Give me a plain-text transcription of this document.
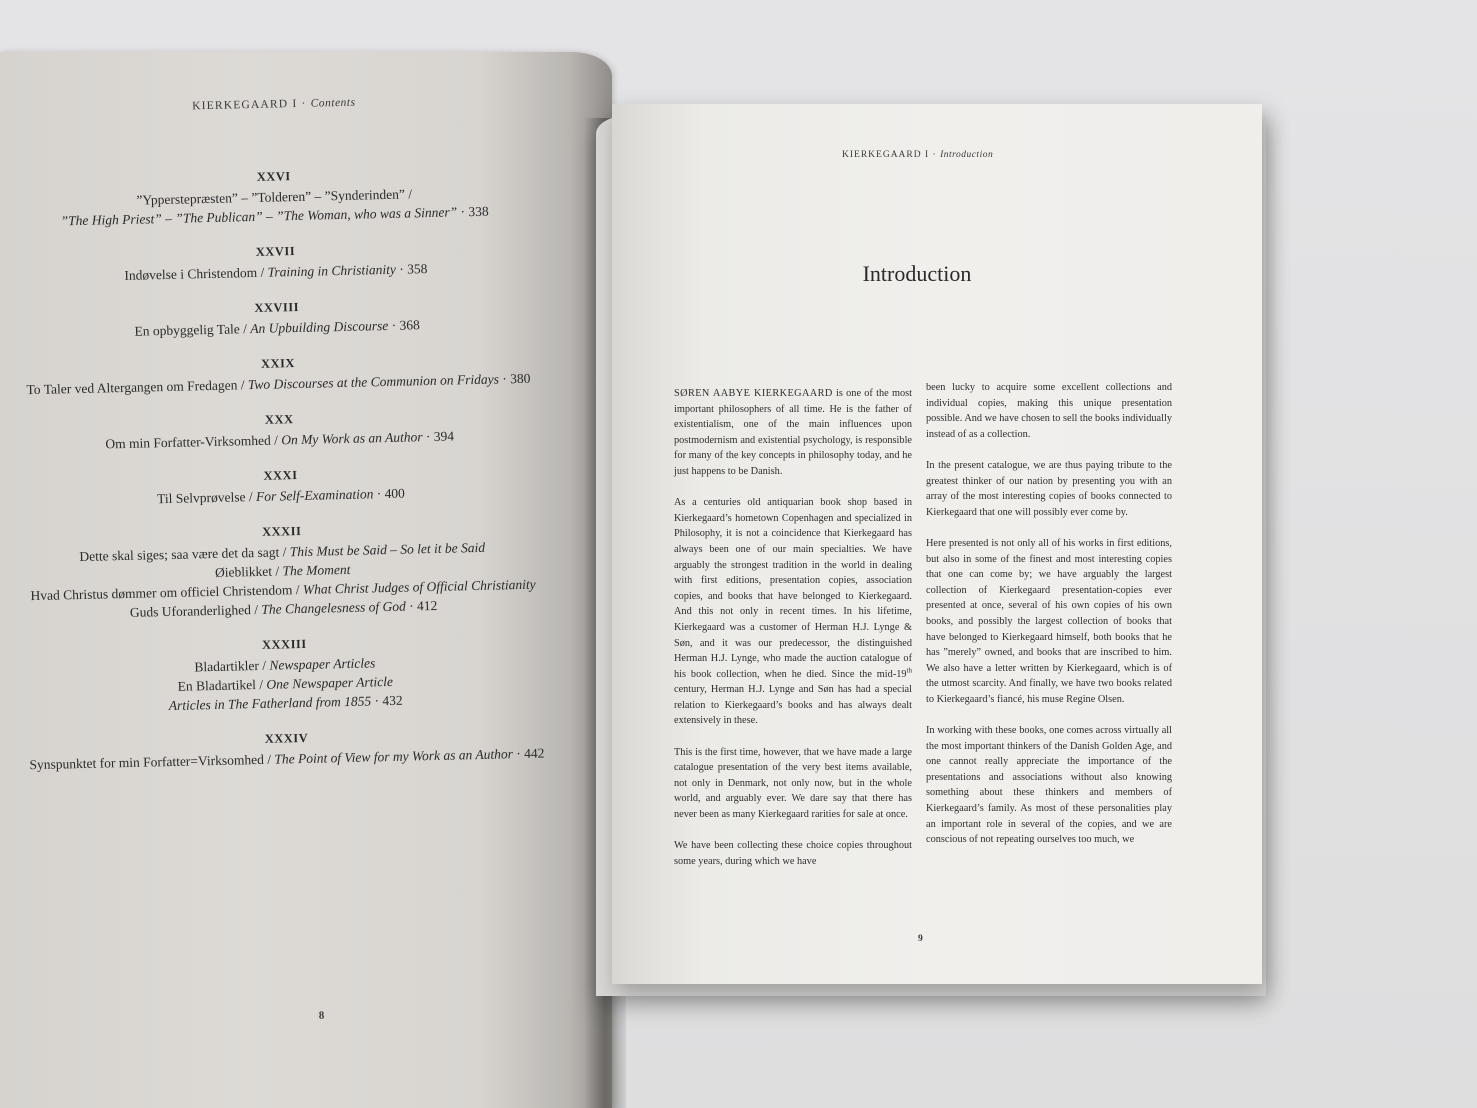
KIERKEGAARD I · Contents
XXVI
”Ypperstepræsten” – ”Tolderen” – ”Synderinden” /
”The High Priest” – ”The Publican” – ”The Woman, who was a Sinner” · 338
XXVII
Indøvelse i Christendom / Training in Christianity · 358
XXVIII
En opbyggelig Tale / An Upbuilding Discourse · 368
XXIX
To Taler ved Altergangen om Fredagen / Two Discourses at the Communion on Fridays · 380
XXX
Om min Forfatter-Virksomhed / On My Work as an Author · 394
XXXI
Til Selvprøvelse / For Self-Examination · 400
XXXII
Dette skal siges; saa være det da sagt / This Must be Said – So let it be Said
Øieblikket / The Moment
Hvad Christus dømmer om officiel Christendom / What Christ Judges of Official Christianity
Guds Uforanderlighed / The Changelesness of God · 412
XXXIII
Bladartikler / Newspaper Articles
En Bladartikel / One Newspaper Article
Articles in The Fatherland from 1855 · 432
XXXIV
Synspunktet for min Forfatter=Virksomhed / The Point of View for my Work as an Author · 442
8
KIERKEGAARD I · Introduction
Introduction

SØREN AABYE KIERKEGAARD is one of the most important philosophers of all time. He is the father of existentialism, one of the main influences upon postmodernism and existential psychology, is responsible for many of the key concepts in philosophy today, and he just happens to be Danish.

As a centuries old antiquarian book shop based in Kierkegaard’s hometown Copenhagen and specialized in Philosophy, it is not a coincidence that Kierkegaard has always been one of our main specialties. We have arguably the strongest tradition in the world in dealing with first editions, presentation copies, association copies, and books that have belonged to Kierkegaard. And this not only in recent times. In his lifetime, Kierkegaard was a customer of Herman H.J. Lynge & Søn, and it was our predecessor, the distinguished Herman H.J. Lynge, who made the auction catalogue of his book collection, when he died. Since the mid-19th century, Herman H.J. Lynge and Søn has had a special relation to Kierkegaard’s books and has always dealt extensively in these.

This is the first time, however, that we have made a large catalogue presentation of the very best items available, not only in Denmark, not only now, but in the whole world, and arguably ever. We dare say that there has never been as many Kierkegaard rarities for sale at once.

We have been collecting these choice copies throughout some years, during which we have

been lucky to acquire some excellent collections and individual copies, making this unique presentation possible. And we have chosen to sell the books individually instead of as a collection.

In the present catalogue, we are thus paying tribute to the greatest thinker of our nation by presenting you with an array of the most interesting copies of books connected to Kierkegaard that one will possibly ever come by.

Here presented is not only all of his works in first editions, but also in some of the finest and most interesting copies that one can come by; we have arguably the largest collection of Kierkegaard presentation-copies ever presented at once, several of his own copies of his own books, and possibly the largest collection of books that have belonged to Kierkegaard himself, both books that he has ”merely” owned, and books that are inscribed to him. We also have a letter written by Kierkegaard, which is of the utmost scarcity. And finally, we have two books related to Kierkegaard’s fiancé, his muse Regine Olsen.

In working with these books, one comes across virtually all the most important thinkers of the Danish Golden Age, and one cannot really appreciate the importance of the presentations and associations without also knowing something about these thinkers and members of Kierkegaard’s family. As most of these personalities play an important role in several of the copies, and we are conscious of not repeating ourselves too much, we

9
